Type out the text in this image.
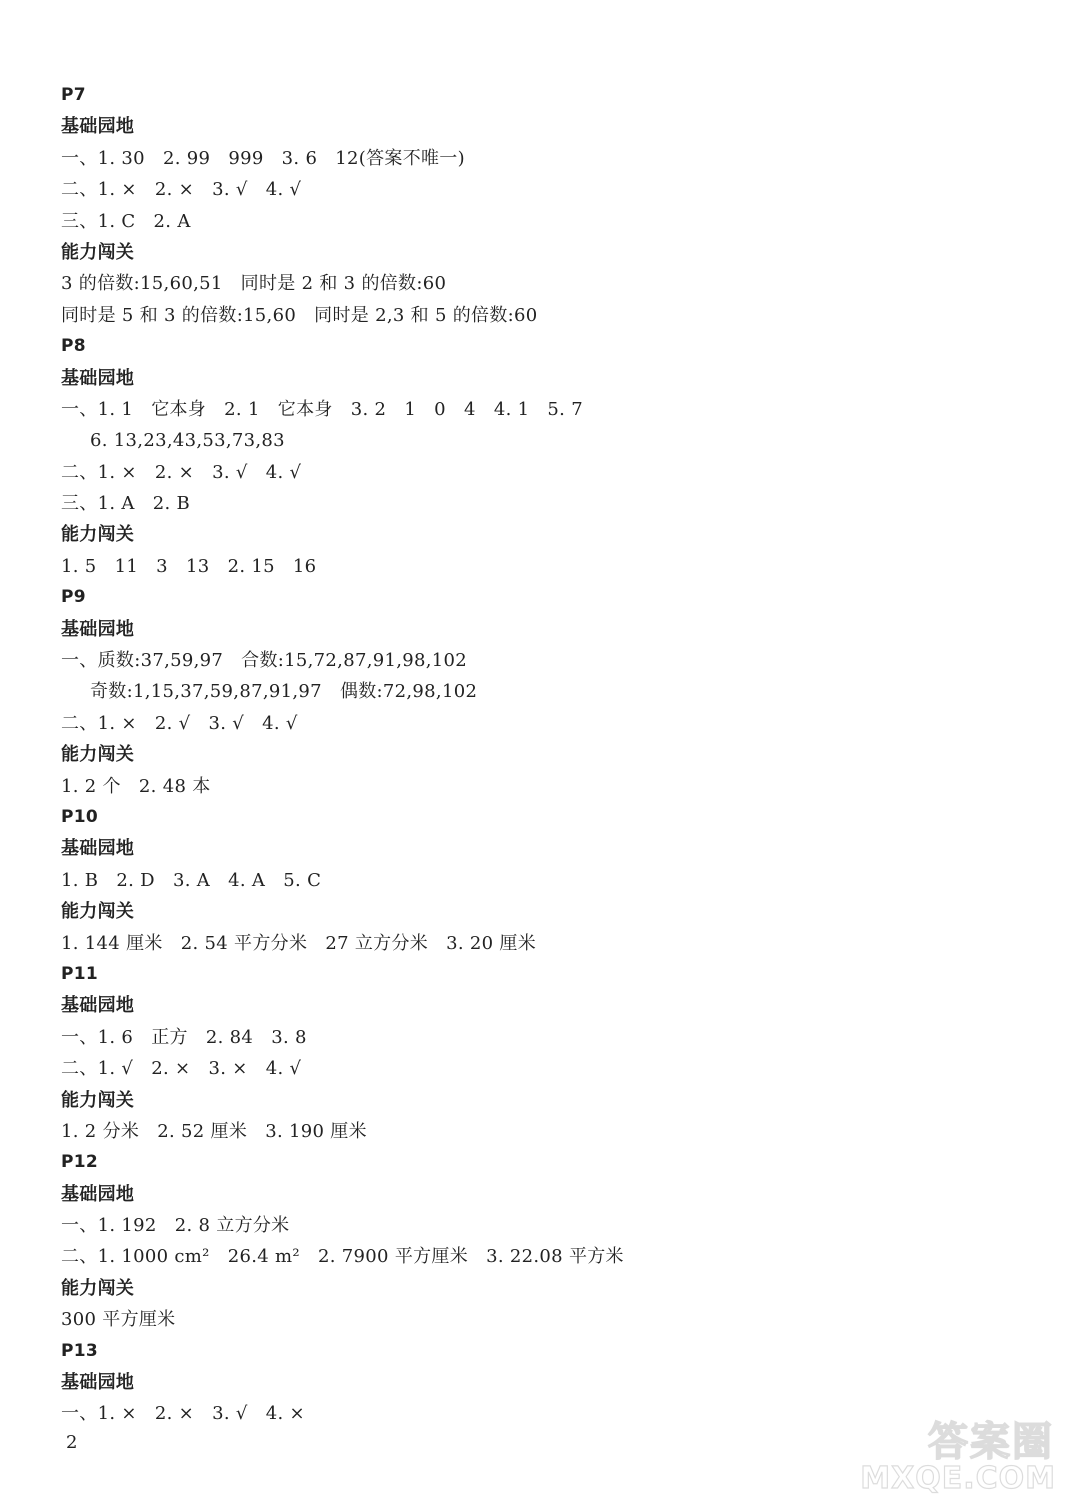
P7
基础园地
一、1. 30   2. 99   999   3. 6   12(答案不唯一)
二、1. ×   2. ×   3. √   4. √
三、1. C   2. A
能力闯关
3 的倍数:15,60,51   同时是 2 和 3 的倍数:60
同时是 5 和 3 的倍数:15,60   同时是 2,3 和 5 的倍数:60
P8
基础园地
一、1. 1   它本身   2. 1   它本身   3. 2   1   0   4   4. 1   5. 7
6. 13,23,43,53,73,83
二、1. ×   2. ×   3. √   4. √
三、1. A   2. B
能力闯关
1. 5   11   3   13   2. 15   16
P9
基础园地
一、质数:37,59,97   合数:15,72,87,91,98,102
奇数:1,15,37,59,87,91,97   偶数:72,98,102
二、1. ×   2. √   3. √   4. √
能力闯关
1. 2 个   2. 48 本
P10
基础园地
1. B   2. D   3. A   4. A   5. C
能力闯关
1. 144 厘米   2. 54 平方分米   27 立方分米   3. 20 厘米
P11
基础园地
一、1. 6   正方   2. 84   3. 8
二、1. √   2. ×   3. ×   4. √
能力闯关
1. 2 分米   2. 52 厘米   3. 190 厘米
P12
基础园地
一、1. 192   2. 8 立方分米
二、1. 1000 cm²   26.4 m²   2. 7900 平方厘米   3. 22.08 平方米
能力闯关
300 平方厘米
P13
基础园地
一、1. ×   2. ×   3. √   4. ×
2	答案圈
MXQE.COM
